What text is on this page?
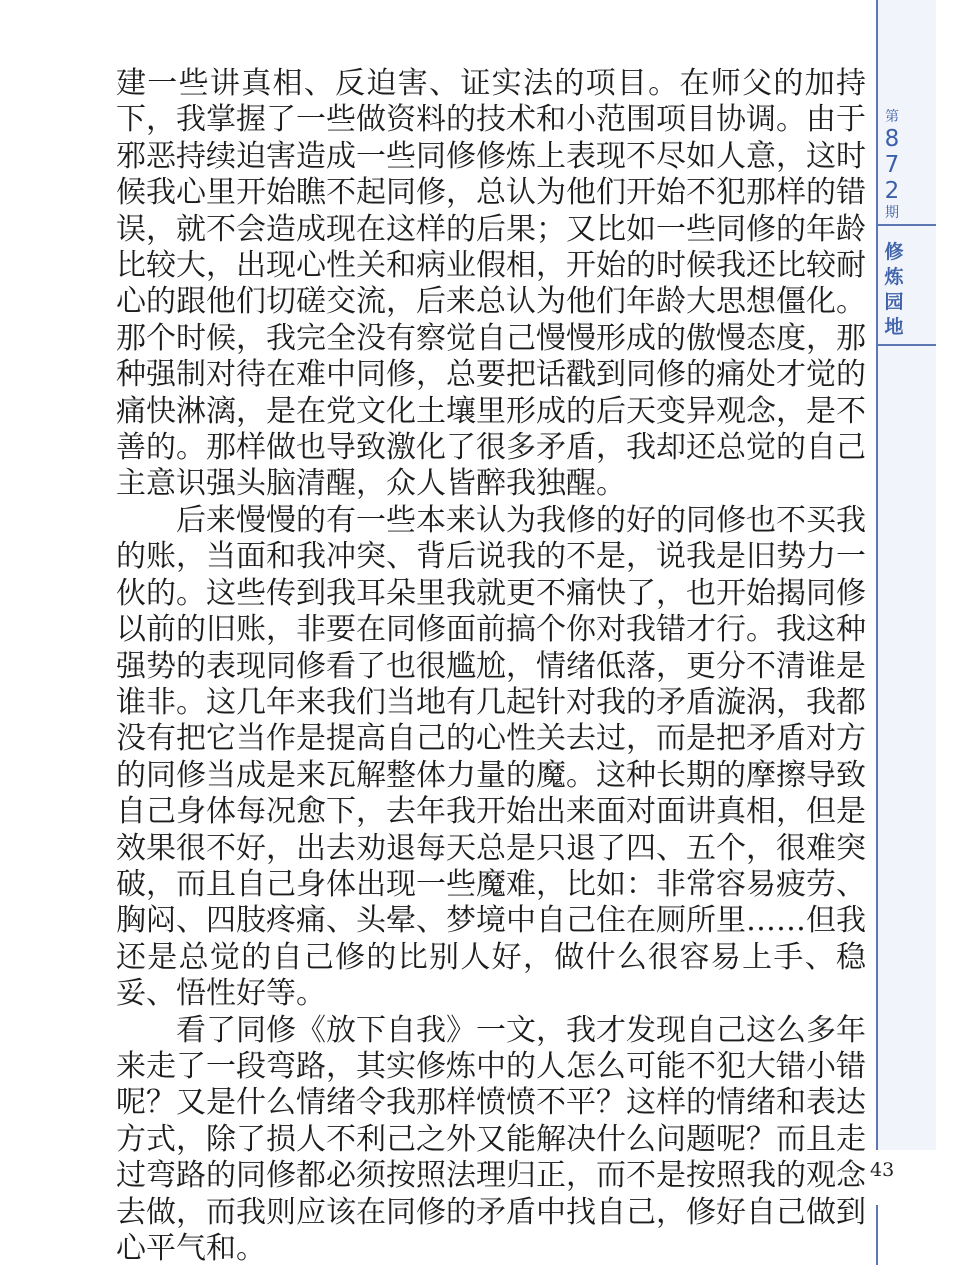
第
8
7
2
期
修
炼
园
地

建一些讲真相、反迫害、证实法的项目。在师父的加持下，我掌握了一些做资料的技术和小范围项目协调。由于邪恶持续迫害造成一些同修修炼上表现不尽如人意，这时候我心里开始瞧不起同修，总认为他们开始不犯那样的错误，就不会造成现在这样的后果；又比如一些同修的年龄比较大，出现心性关和病业假相，开始的时候我还比较耐心的跟他们切磋交流，后来总认为他们年龄大思想僵化。那个时候，我完全没有察觉自己慢慢形成的傲慢态度，那种强制对待在难中同修，总要把话戳到同修的痛处才觉的痛快淋漓，是在党文化土壤里形成的后天变异观念，是不善的。那样做也导致激化了很多矛盾，我却还总觉的自己主意识强头脑清醒，众人皆醉我独醒。

后来慢慢的有一些本来认为我修的好的同修也不买我的账，当面和我冲突、背后说我的不是，说我是旧势力一伙的。这些传到我耳朵里我就更不痛快了，也开始揭同修以前的旧账，非要在同修面前搞个你对我错才行。我这种强势的表现同修看了也很尴尬，情绪低落，更分不清谁是谁非。这几年来我们当地有几起针对我的矛盾漩涡，我都没有把它当作是提高自己的心性关去过，而是把矛盾对方的同修当成是来瓦解整体力量的魔。这种长期的摩擦导致自己身体每况愈下，去年我开始出来面对面讲真相，但是效果很不好，出去劝退每天总是只退了四、五个，很难突破，而且自己身体出现一些魔难，比如：非常容易疲劳、胸闷、四肢疼痛、头晕、梦境中自己住在厕所里……但我还是总觉的自己修的比别人好，做什么很容易上手、稳妥、悟性好等。

看了同修《放下自我》一文，我才发现自己这么多年来走了一段弯路，其实修炼中的人怎么可能不犯大错小错呢？又是什么情绪令我那样愤愤不平？这样的情绪和表达方式，除了损人不利己之外又能解决什么问题呢？而且走过弯路的同修都必须按照法理归正，而不是按照我的观念去做，而我则应该在同修的矛盾中找自己，修好自己做到心平气和。

43
